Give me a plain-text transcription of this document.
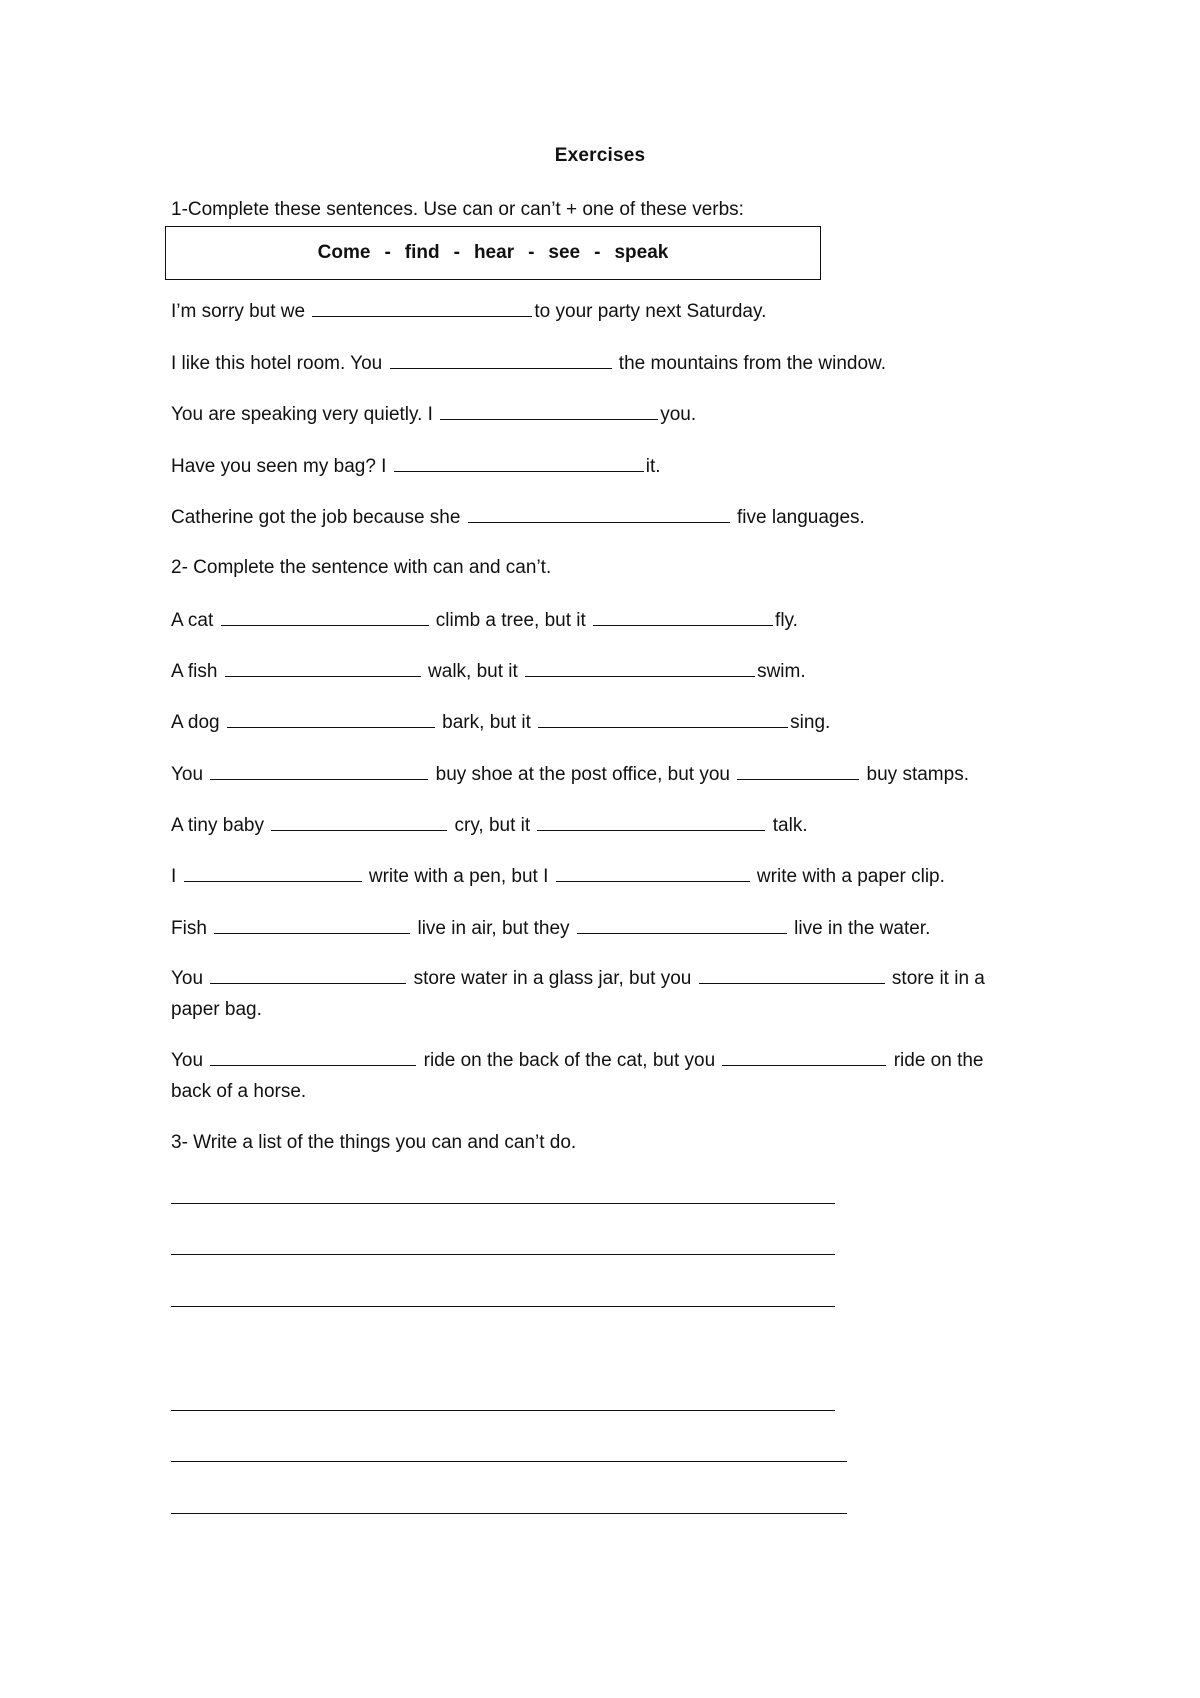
Exercises
1-Complete these sentences. Use can or can’t + one of these verbs:
Come - find - hear - see - speak
I’m sorry but we	to your party next Saturday.
I like this hotel room. You	the mountains from the window.
You are speaking very quietly. I	you.
Have you seen my bag? I	it.
Catherine got the job because she	five languages.
2- Complete the sentence with can and can’t.
A cat	climb a tree, but it	fly.
A fish	walk, but it	swim.
A dog	bark, but it	sing.
You	buy shoe at the post office, but you	buy stamps.
A tiny baby	cry, but it	talk.
I	write with a pen, but I	write with a paper clip.
Fish	live in air, but they	live in the water.
You	store water in a glass jar, but you	store it in a
paper bag.
You	ride on the back of the cat, but you	ride on the
back of a horse.
3- Write a list of the things you can and can’t do.
